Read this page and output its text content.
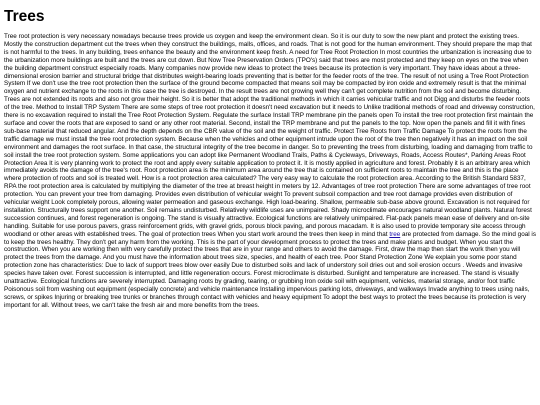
Trees

Tree root protection is very necessary nowadays because trees provide us oxygen and keep the environment clean. So it is our duty to sow the new plant and protect the existing trees. Mostly the construction department cut the trees when they construct the buildings, malls, offices, and roads. That is not good for the human environment. They should prepare the map that is not harmful to the trees. In any building, trees enhance the beauty and the environment keep fresh. A need for Tree Root Protection In most countries the urbanization is increasing due to the urbanization more buildings are built and the trees are cut down. But Now Tree Preservation Orders (TPO's) said that trees are most protected and they keep on eyes on the tree when the building department construct especially roads. Many companies now provide new ideas to protect the trees because its protection is very important. They have ideas about a three-dimensional erosion barrier and structural bridge that distributes weight-bearing loads preventing that is better for the feeder roots of the tree. The result of not using a Tree Root Protection System If we don't use the tree root protection then the surface of the ground become compacted that means soil may be compacted by iron oxide and extremely result is that the minimal oxygen and nutrient exchange to the roots in this case the tree is destroyed. In the result trees are not growing well they can't get complete nutrition from the soil and become disturbing. Trees are not extended its roots and also not grow their height. So it is better that adopt the traditional methods in which it carries vehicular traffic and not Digg and disturbs the feeder roots of the tree. Method to Install TRP System There are some steps of tree root protection it doesn't need excavation but it needs to Unlike traditional methods of road and driveway construction, there is no excavation required to install the Tree Root Protection System. Regulate the surface Install TRP membrane pin the panels open To install the tree root protection first maintain the surface and cover the roots that are exposed to sand or any other root material. Second, install the TRP membrane and put the panels to the top. Now open the panels and fill it with fines sub-base material that reduced angular. And the depth depends on the CBR value of the soil and the weight of traffic. Protect Tree Roots from Traffic Damage To protect the roots from the traffic damage we must install the tree root protection system. Because when the vehicles and other equipment intrude upon the root of the tree then negatively it has an impact on the soil environment and damages the root surface. In that case, the structural integrity of the tree become in danger. So to preventing the trees from disturbing, loading and damaging from traffic to soil install the tree root protection system. Some applications you can adopt like Permanent Woodland Trails, Paths & Cycleways, Driveways, Roads, Access Routes*, Parking Areas Root Protection Area It is very planning work to protect the root and apply every suitable application to protect it. It is mostly applied in agriculture and forest. Probably it is an arbitrary area which immediately avoids the damage of the tree's root. Root protection area is the minimum area around the tree that is contained on sufficient roots to maintain the tree and this is the place where protection of roots and soil is treated well. How is a root protection area calculated? The very easy way to calculate the root protection area. According to the British Standard 5837, RPA the root protection area is calculated by multiplying the diameter of the tree at breast height in meters by 12. Advantages of tree root protection There are some advantages of tree root protection. You can prevent your tree from damaging. Provides even distribution of vehicular weight To prevent subsoil compaction and tree root damage provides even distribution of vehicular weight Look completely porous, allowing water permeation and gaseous exchange. High load-bearing. Shallow, permeable sub-base above ground. Excavation is not required for installation. Structurally trees support one another. Soil remains undisturbed. Relatively wildlife uses are unimpaired. Shady microclimate encourages natural woodland plants. Natural forest succession continues, and forest regeneration is ongoing. The stand is visually attractive. Ecological functions are relatively unimpaired. Flat-pack panels mean ease of delivery and on-site handling. Suitable for use porous pavers, grass reinforcement grids, with gravel grids, porous block paving, and porous macadam. It is also used to provide temporary site access through woodland or other areas with established trees. The goal of protection trees When you start work around the trees then keep in mind that tree are protected from damage. So the mind goal is to keep the trees healthy. They don't get any harm from the working. This is the part of your development process to protect the trees and make plans and budget. When you start the construction. When you are working then with very carefully protect the trees that are in your range and others to avoid the damage. First, draw the map then start the work then you will protect the trees from the damage. And you must have the information about trees size, species, and health of each tree. Poor Stand Protection Zone We explain you some poor stand protection zone has characteristics: Due to lack of support trees blow over easily Due to disturbed soils and lack of understory soil dries out and soil erosion occurs . Weeds and invasive species have taken over. Forest succession is interrupted, and little regeneration occurs. Forest microclimate is disturbed. Sunlight and temperature are increased. The stand is visually unattractive. Ecological functions are severely interrupted. Damaging roots by grading, tearing, or grubbing Iron oxide soil with equipment, vehicles, material storage, and/or foot traffic Poisonous soil from washing out equipment (especially concrete) and vehicle maintenance Installing impervious parking lots, driveways, and walkways Invade anything to trees using nails, screws, or spikes Injuring or breaking tree trunks or branches through contact with vehicles and heavy equipment To adopt the best ways to protect the trees because its protection is very important for all. Without trees, we can't take the fresh air and more benefits from the trees.
